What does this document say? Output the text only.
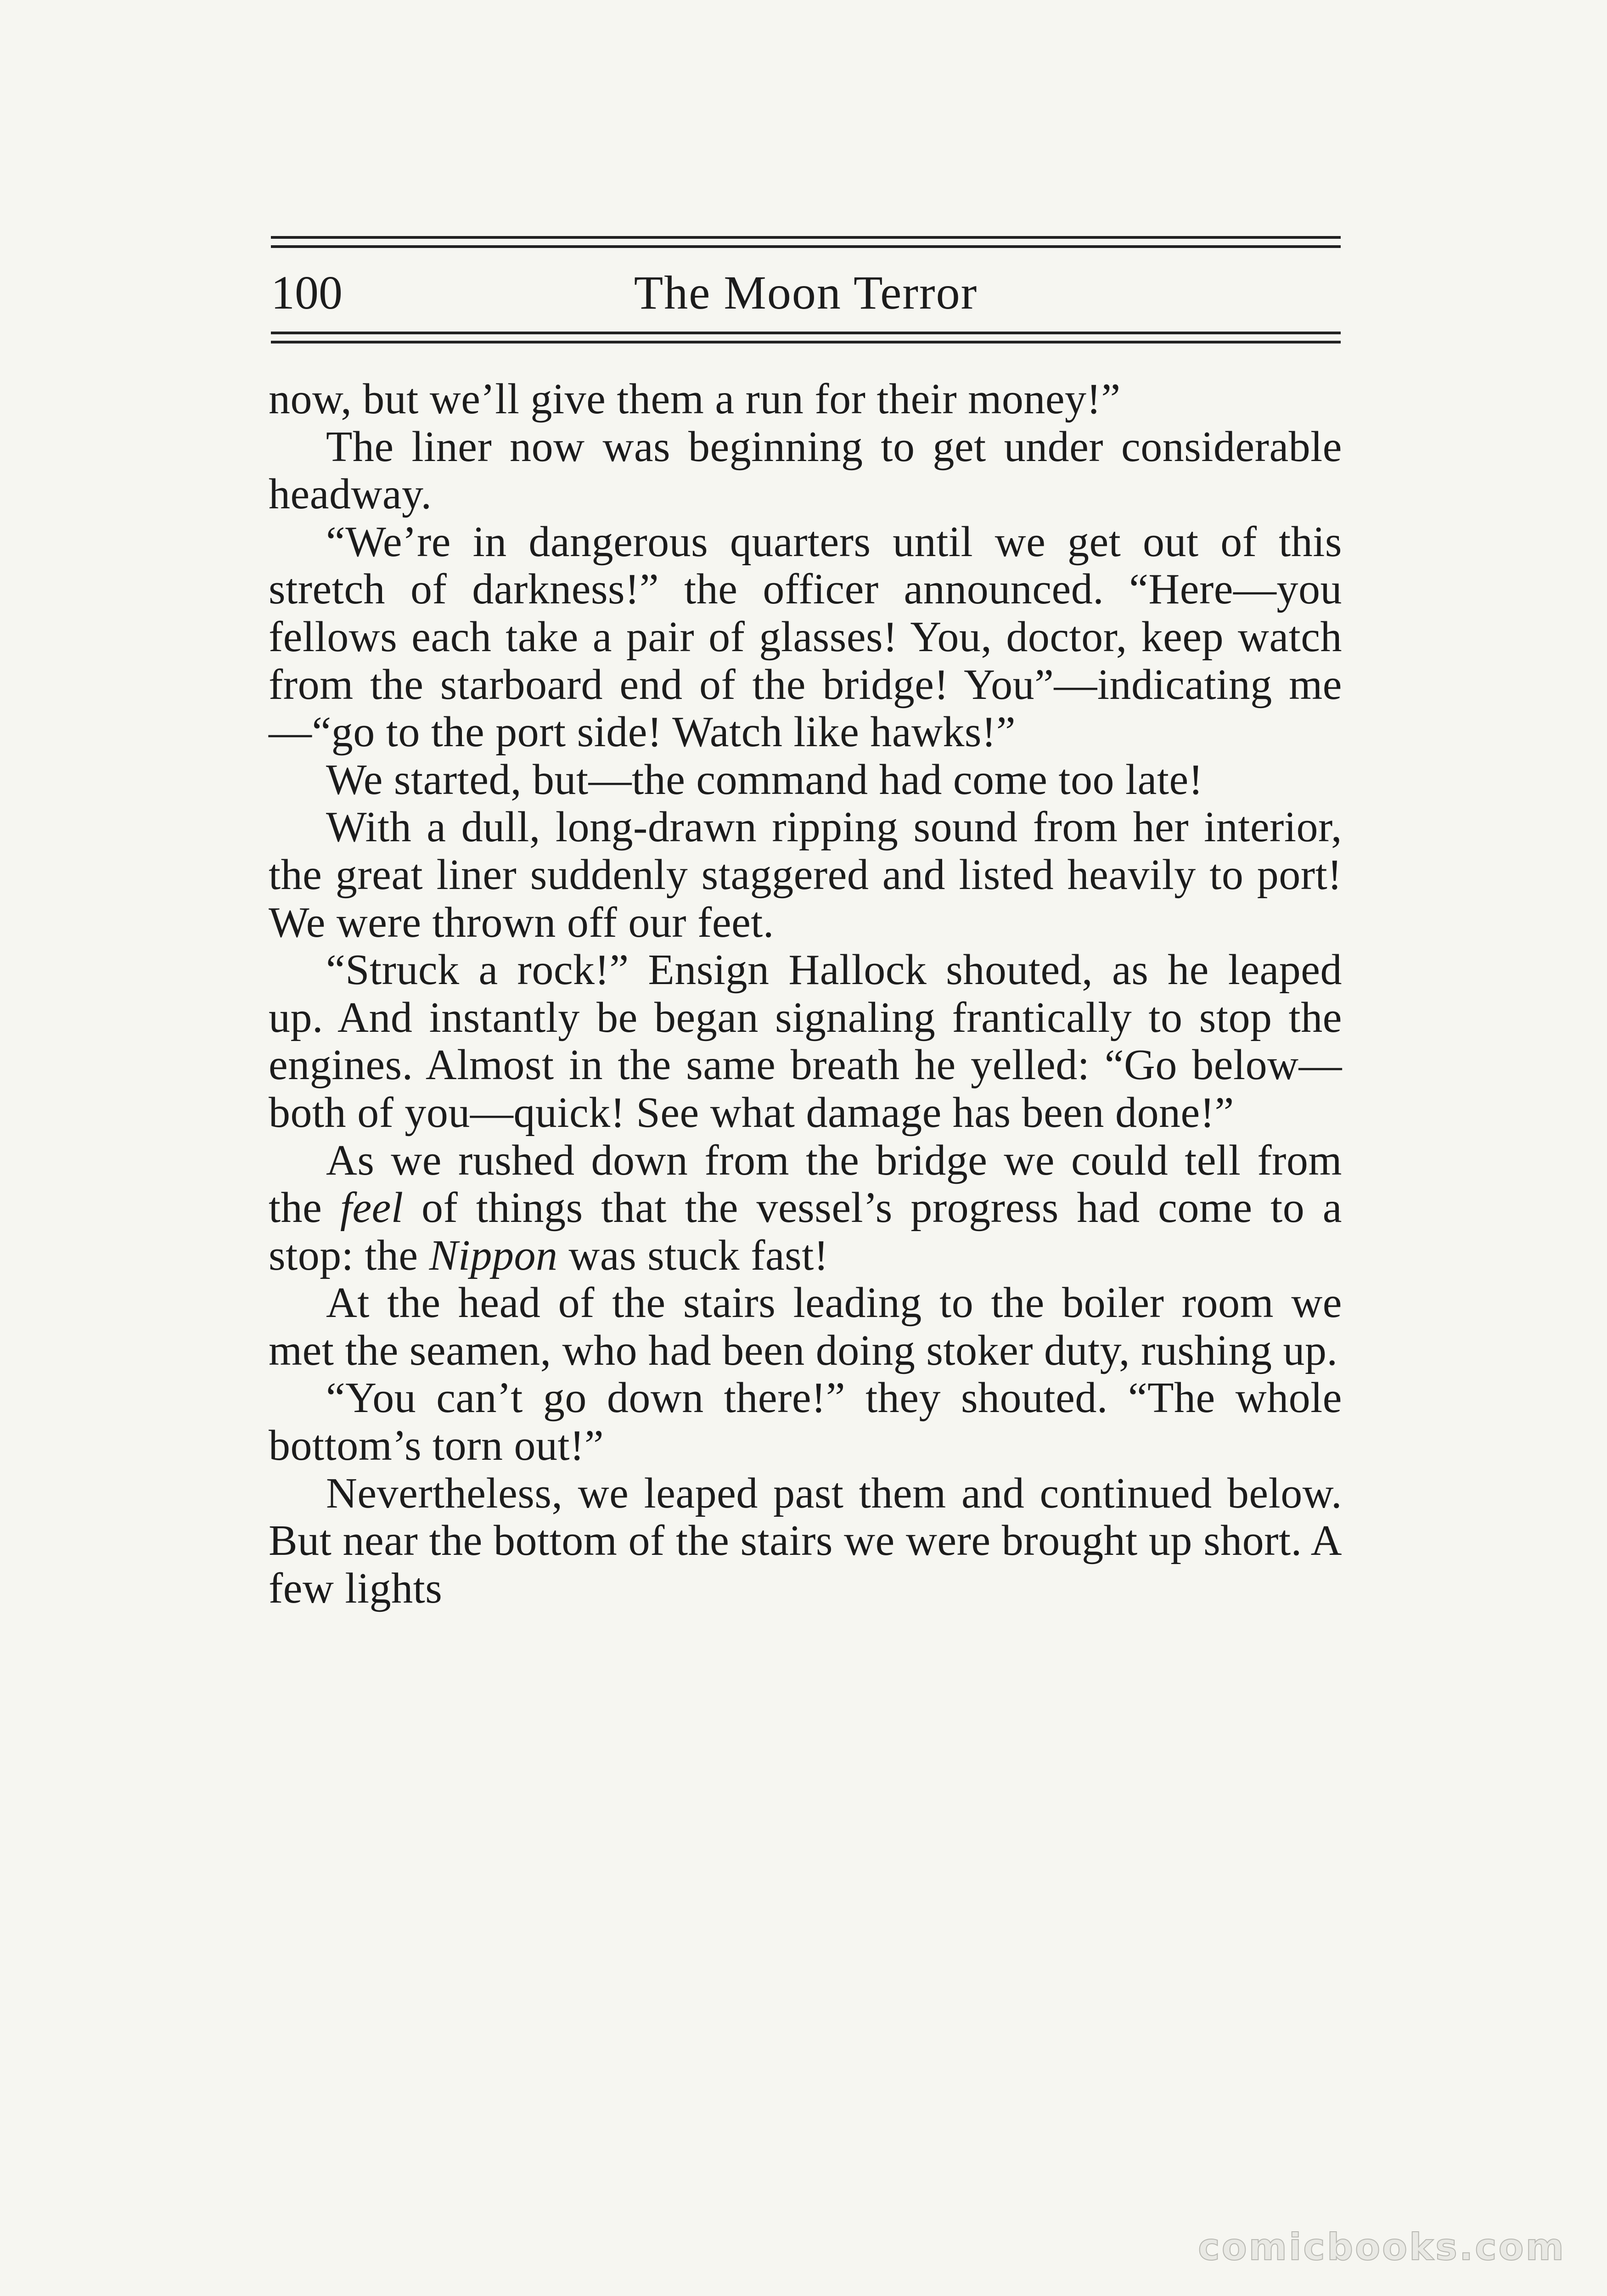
100	The Moon Terror

now, but we’ll give them a run for their money!”

The liner now was beginning to get under considerable headway.

“We’re in dangerous quarters until we get out of this stretch of darkness!” the officer announced. “Here—you fellows each take a pair of glasses! You, doctor, keep watch from the starboard end of the bridge! You”—indicating me—“go to the port side! Watch like hawks!”

We started, but—the command had come too late!

With a dull, long-drawn ripping sound from her interior, the great liner suddenly staggered and listed heavily to port! We were thrown off our feet.

“Struck a rock!” Ensign Hallock shouted, as he leaped up. And instantly be began signaling frantically to stop the engines. Almost in the same breath he yelled: “Go below—both of you—quick! See what damage has been done!”

As we rushed down from the bridge we could tell from the feel of things that the vessel’s progress had come to a stop: the Nippon was stuck fast!

At the head of the stairs leading to the boiler room we met the seamen, who had been doing stoker duty, rushing up.

“You can’t go down there!” they shouted. “The whole bottom’s torn out!”

Nevertheless, we leaped past them and continued below. But near the bottom of the stairs we were brought up short. A few lights

comicbooks.com
